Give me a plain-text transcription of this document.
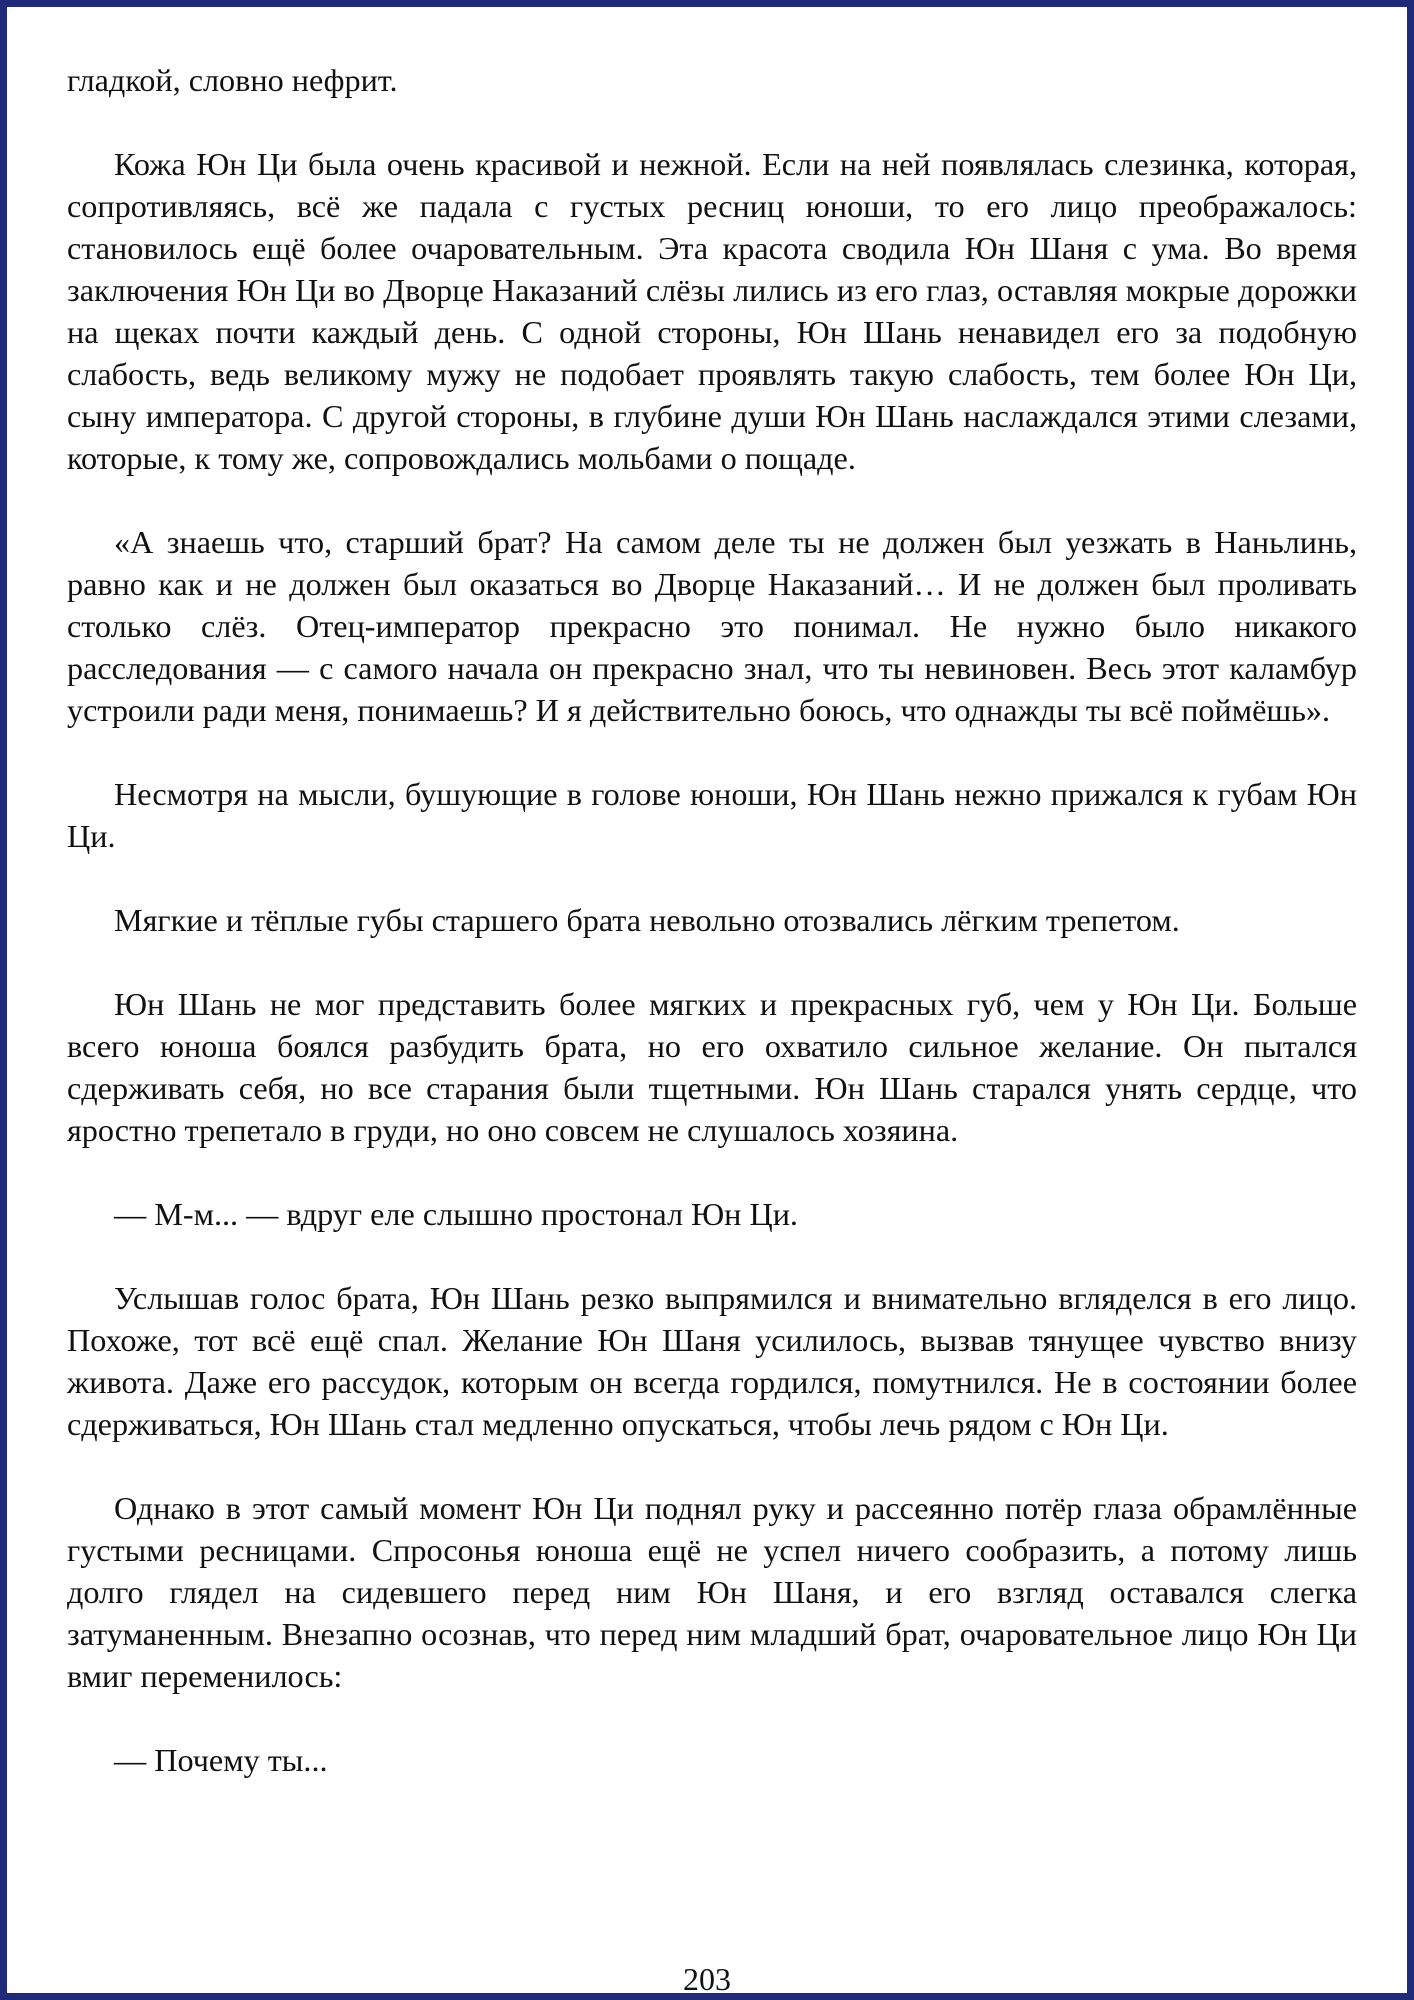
гладкой, словно нефрит.

Кожа Юн Ци была очень красивой и нежной. Если на ней появлялась слезинка, которая, сопротивляясь, всё же падала с густых ресниц юноши, то его лицо преображалось: становилось ещё более очаровательным. Эта красота сводила Юн Шаня с ума. Во время заключения Юн Ци во Дворце Наказаний слёзы лились из его глаз, оставляя мокрые дорожки на щеках почти каждый день. С одной стороны, Юн Шань ненавидел его за подобную слабость, ведь великому мужу не подобает проявлять такую слабость, тем более Юн Ци, сыну императора. С другой стороны, в глубине души Юн Шань наслаждался этими слезами, которые, к тому же, сопровождались мольбами о пощаде.

«А знаешь что, старший брат? На самом деле ты не должен был уезжать в Наньлинь, равно как и не должен был оказаться во Дворце Наказаний… И не должен был проливать столько слёз. Отец-император прекрасно это понимал. Не нужно было никакого расследования — с самого начала он прекрасно знал, что ты невиновен. Весь этот каламбур устроили ради меня, понимаешь? И я действительно боюсь, что однажды ты всё поймёшь».

Несмотря на мысли, бушующие в голове юноши, Юн Шань нежно прижался к губам Юн Ци.

Мягкие и тёплые губы старшего брата невольно отозвались лёгким трепетом.

Юн Шань не мог представить более мягких и прекрасных губ, чем у Юн Ци. Больше всего юноша боялся разбудить брата, но его охватило сильное желание. Он пытался сдерживать себя, но все старания были тщетными. Юн Шань старался унять сердце, что яростно трепетало в груди, но оно совсем не слушалось хозяина.

— М-м... — вдруг еле слышно простонал Юн Ци.

Услышав голос брата, Юн Шань резко выпрямился и внимательно вгляделся в его лицо. Похоже, тот всё ещё спал. Желание Юн Шаня усилилось, вызвав тянущее чувство внизу живота. Даже его рассудок, которым он всегда гордился, помутнился. Не в состоянии более сдерживаться, Юн Шань стал медленно опускаться, чтобы лечь рядом с Юн Ци.

Однако в этот самый момент Юн Ци поднял руку и рассеянно потёр глаза обрамлённые густыми ресницами. Спросонья юноша ещё не успел ничего сообразить, а потому лишь долго глядел на сидевшего перед ним Юн Шаня, и его взгляд оставался слегка затуманенным. Внезапно осознав, что перед ним младший брат, очаровательное лицо Юн Ци вмиг переменилось:

— Почему ты...

203
